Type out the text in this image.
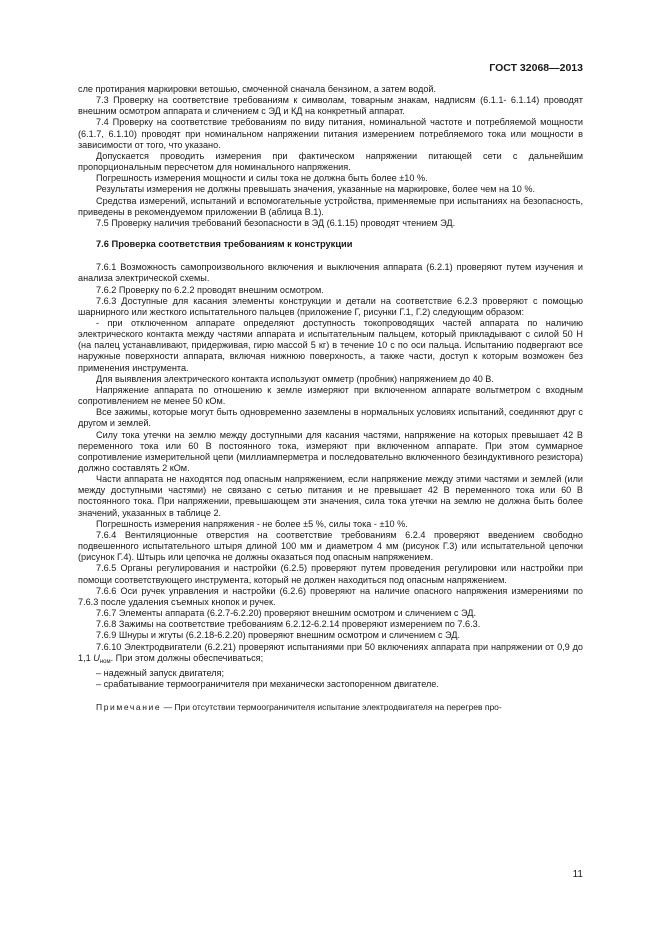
ГОСТ 32068—2013

сле протирания маркировки ветошью, смоченной сначала бензином, а затем водой.

7.3 Проверку на соответствие требованиям к символам, товарным знакам, надписям (6.1.1- 6.1.14) проводят внешним осмотром аппарата и сличением с ЭД и КД на конкретный аппарат.

7.4 Проверку на соответствие требованиям по виду питания, номинальной частоте и потребляемой мощности (6.1.7, 6.1.10) проводят при номинальном напряжении питания измерением потребляемого тока или мощности в зависимости от того, что указано.

Допускается проводить измерения при фактическом напряжении питающей сети с дальнейшим пропорциональным пересчетом для номинального напряжения.

Погрешность измерения мощности и силы тока не должна быть более ±10 %.

Результаты измерения не должны превышать значения, указанные на маркировке, более чем на 10 %.

Средства измерений, испытаний и вспомогательные устройства, применяемые при испытаниях на безопасность, приведены в рекомендуемом приложении В (аблица В.1).

7.5 Проверку наличия требований безопасности в ЭД (6.1.15) проводят чтением ЭД.

7.6 Проверка соответствия требованиям к конструкции

7.6.1 Возможность самопроизвольного включения и выключения аппарата (6.2.1) проверяют путем изучения и анализа электрической схемы.

7.6.2 Проверку по 6.2.2 проводят внешним осмотром.

7.6.3 Доступные для касания элементы конструкции и детали на соответствие 6.2.3 проверяют с помощью шарнирного или жесткого испытательного пальцев (приложение Г, рисунки Г.1, Г.2) следующим образом:

- при отключенном аппарате определяют доступность токопроводящих частей аппарата по наличию электрического контакта между частями аппарата и испытательным пальцем, который прикладывают с силой 50 Н (на палец устанавливают, придерживая, гирю массой 5 кг) в течение 10 с по оси пальца. Испытанию подвергают все наружные поверхности аппарата, включая нижнюю поверхность, а также части, доступ к которым возможен без применения инструмента.

Для выявления электрического контакта используют омметр (пробник) напряжением до 40 В.

Напряжение аппарата по отношению к земле измеряют при включенном аппарате вольтметром с входным сопротивлением не менее 50 кОм.

Все зажимы, которые могут быть одновременно заземлены в нормальных условиях испытаний, соединяют друг с другом и землей.

Силу тока утечки на землю между доступными для касания частями, напряжение на которых превышает 42 В переменного тока или 60 В постоянного тока, измеряют при включенном аппарате. При этом суммарное сопротивление измерительной цепи (миллиамперметра и последовательно включенного безиндуктивного резистора) должно составлять 2 кОм.

Части аппарата не находятся под опасным напряжением, если напряжение между этими частями и землей (или между доступными частями) не связано с сетью питания и не превышает 42 В переменного тока или 60 В постоянного тока. При напряжении, превышающем эти значения, сила тока утечки на землю не должна быть более значений, указанных в таблице 2.

Погрешность измерения напряжения - не более ±5 %, силы тока - ±10 %.

7.6.4 Вентиляционные отверстия на соответствие требованиям 6.2.4 проверяют введением свободно подвешенного испытательного штыря длиной 100 мм и диаметром 4 мм (рисунок Г.3) или испытательной цепочки (рисунок Г.4). Штырь или цепочка не должны оказаться под опасным напряжением.

7.6.5 Органы регулирования и настройки (6.2.5) проверяют путем проведения регулировки или настройки при помощи соответствующего инструмента, который не должен находиться под опасным напряжением.

7.6.6 Оси ручек управления и настройки (6.2.6) проверяют на наличие опасного напряжения измерениями по 7.6.3 после удаления съемных кнопок и ручек.

7.6.7 Элементы аппарата (6.2.7-6.2.20) проверяют внешним осмотром и сличением с ЭД.

7.6.8 Зажимы на соответствие требованиям 6.2.12-6.2.14 проверяют измерением по 7.6.3.

7.6.9 Шнуры и жгуты (6.2.18-6.2.20) проверяют внешним осмотром и сличением с ЭД.

7.6.10 Электродвигатели (6.2.21) проверяют испытаниями при 50 включениях аппарата при напряжении от 0,9 до 1,1 $U_{ном}$. При этом должны обеспечиваться;

– надежный запуск двигателя;

– срабатывание термоограничителя при механически застопоренном двигателе.

Примечание — При отсутствии термоограничителя испытание электродвигателя на перегрев про-

11
